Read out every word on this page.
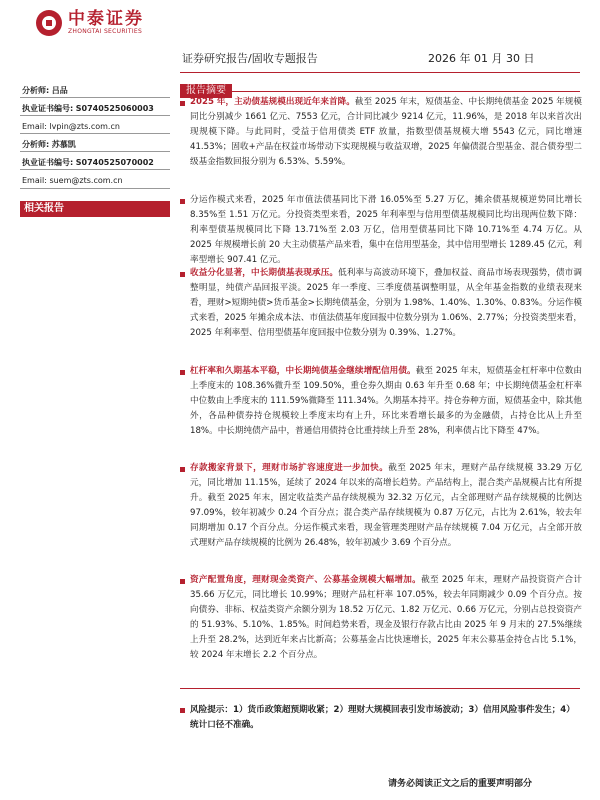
中泰证券
ZHONGTAI SECURITIES
证券研究报告/固收专题报告	2026 年 01 月 30 日
分析师: 吕品
执业证书编号: S0740525060003
Email: lvpin@zts.com.cn
分析师: 苏慕凯
执业证书编号: S0740525070002
Email: suem@zts.com.cn
相关报告
报告摘要
2025 年，主动债基规模出现近年来首降。截至 2025 年末，短债基金、中长期纯债基金 2025 年规模同比分别减少 1661 亿元、7553 亿元，合计同比减少 9214 亿元，11.96%，是 2018 年以来首次出现规模下降。与此同时，受益于信用债类 ETF 放量，指数型债基规模大增 5543 亿元，同比增速 41.53%；固收+产品在权益市场带动下实现规模与收益双增，2025 年偏债混合型基金、混合债券型二级基金指数回报分别为 6.53%、5.59%。
分运作模式来看，2025 年市值法债基同比下滑 16.05%至 5.27 万亿，摊余债基规模逆势同比增长 8.35%至 1.51 万亿元。分投资类型来看，2025 年利率型与信用型债基规模同比均出现两位数下降：利率型债基规模同比下降 13.71%至 2.03 万亿，信用型债基同比下降 10.71%至 4.74 万亿。从 2025 年规模增长前 20 大主动债基产品来看，集中在信用型基金，其中信用型增长 1289.45 亿元，利率型增长 907.41 亿元。
收益分化显著，中长期债基表现承压。低利率与高波动环境下，叠加权益、商品市场表现强势，债市调整明显，纯债产品回报平淡。2025 年一季度、三季度债基调整明显，从全年基金指数的业绩表现来看，理财>短期纯债>货币基金>长期纯债基金，分别为 1.98%、1.40%、1.30%、0.83%。分运作模式来看，2025 年摊余成本法、市值法债基年度回报中位数分别为 1.06%、2.77%；分投资类型来看，2025 年利率型、信用型债基年度回报中位数分别为 0.39%、1.27%。
杠杆率和久期基本平稳，中长期纯债基金继续增配信用债。截至 2025 年末，短债基金杠杆率中位数由上季度末的 108.36%微升至 109.50%，重仓券久期由 0.63 年升至 0.68 年；中长期纯债基金杠杆率中位数由上季度末的 111.59%微降至 111.34%。久期基本持平。持仓券种方面，短债基金中，除其他外，各品种债券持仓规模较上季度末均有上升，环比来看增长最多的为金融债，占持仓比从上升至 18%。中长期纯债产品中，普通信用债持仓比重持续上升至 28%，利率债占比下降至 47%。
存款搬家背景下，理财市场扩容速度进一步加快。截至 2025 年末，理财产品存续规模 33.29 万亿元，同比增加 11.15%，延续了 2024 年以来的高增长趋势。产品结构上，混合类产品规模占比有所提升。截至 2025 年末，固定收益类产品存续规模为 32.32 万亿元，占全部理财产品存续规模的比例达 97.09%，较年初减少 0.24 个百分点；混合类产品存续规模为 0.87 万亿元，占比为 2.61%，较去年同期增加 0.17 个百分点。分运作模式来看，现金管理类理财产品存续规模 7.04 万亿元，占全部开放式理财产品存续规模的比例为 26.48%，较年初减少 3.69 个百分点。
资产配置角度，理财现金类资产、公募基金规模大幅增加。截至 2025 年末，理财产品投资资产合计 35.66 万亿元，同比增长 10.99%；理财产品杠杆率 107.05%，较去年同期减少 0.09 个百分点。按向债券、非标、权益类资产余额分别为 18.52 万亿元、1.82 万亿元、0.66 万亿元，分别占总投资资产的 51.93%、5.10%、1.85%。时间趋势来看，现金及银行存款占比由 2025 年 9 月末的 27.5%继续上升至 28.2%，达到近年来占比新高；公募基金占比快速增长，2025 年末公募基金持仓占比 5.1%，较 2024 年末增长 2.2 个百分点。
风险提示：1）货币政策超预期收紧；2）理财大规模回表引发市场波动；3）信用风险事件发生；4）统计口径不准确。
请务必阅读正文之后的重要声明部分
